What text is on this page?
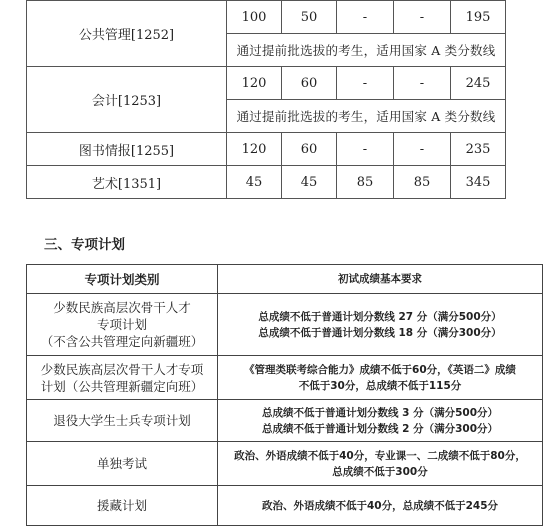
公共管理[1252]	100	50	-	-	195
	通过提前批选拔的考生，适用国家 A 类分数线				
会计[1253]	120	60	-	-	245
	通过提前批选拔的考生，适用国家 A 类分数线				
图书情报[1255]	120	60	-	-	235
艺术[1351]	45	45	85	85	345
三、专项计划
专项计划类别	初试成绩基本要求

少数民族高层次骨干人才
专项计划
（不含公共管理定向新疆班）	总成绩不低于普通计划分数线 27 分（满分500分）
总成绩不低于普通计划分数线 18 分（满分300分）

少数民族高层次骨干人才专项
计划（公共管理新疆定向班）	《管理类联考综合能力》成绩不低于60分，《英语二》成绩
不低于30分，总成绩不低于115分

退役大学生士兵专项计划	总成绩不低于普通计划分数线 3 分（满分500分）
总成绩不低于普通计划分数线 2 分（满分300分）

单独考试	政治、外语成绩不低于40分，专业课一、二成绩不低于80分，
总成绩不低于300分

援藏计划	政治、外语成绩不低于40分，总成绩不低于245分
